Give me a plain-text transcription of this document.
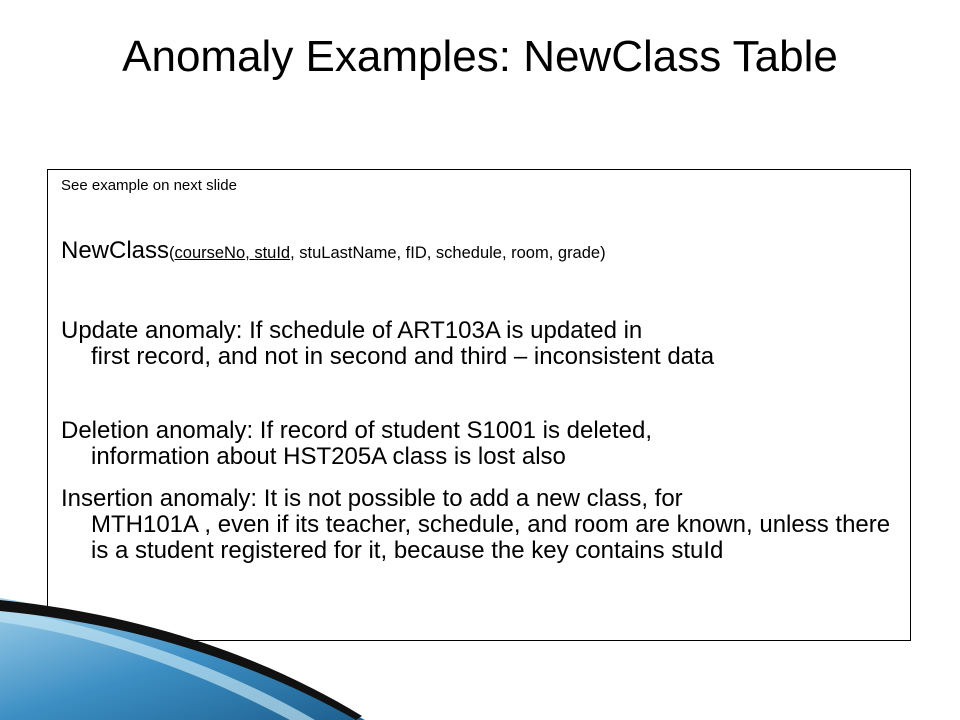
Anomaly Examples: NewClass Table
See example on next slide
NewClass(courseNo, stuId, stuLastName, fID, schedule, room, grade)

Update anomaly: If schedule of ART103A is updated in
first record, and not in second and third – inconsistent data

Deletion anomaly: If record of student S1001 is deleted,
information about HST205A class is lost also

Insertion anomaly: It is not possible to add a new class, for
MTH101A , even if its teacher, schedule, and room are known, unless there is a student registered for it, because the key contains stuId
